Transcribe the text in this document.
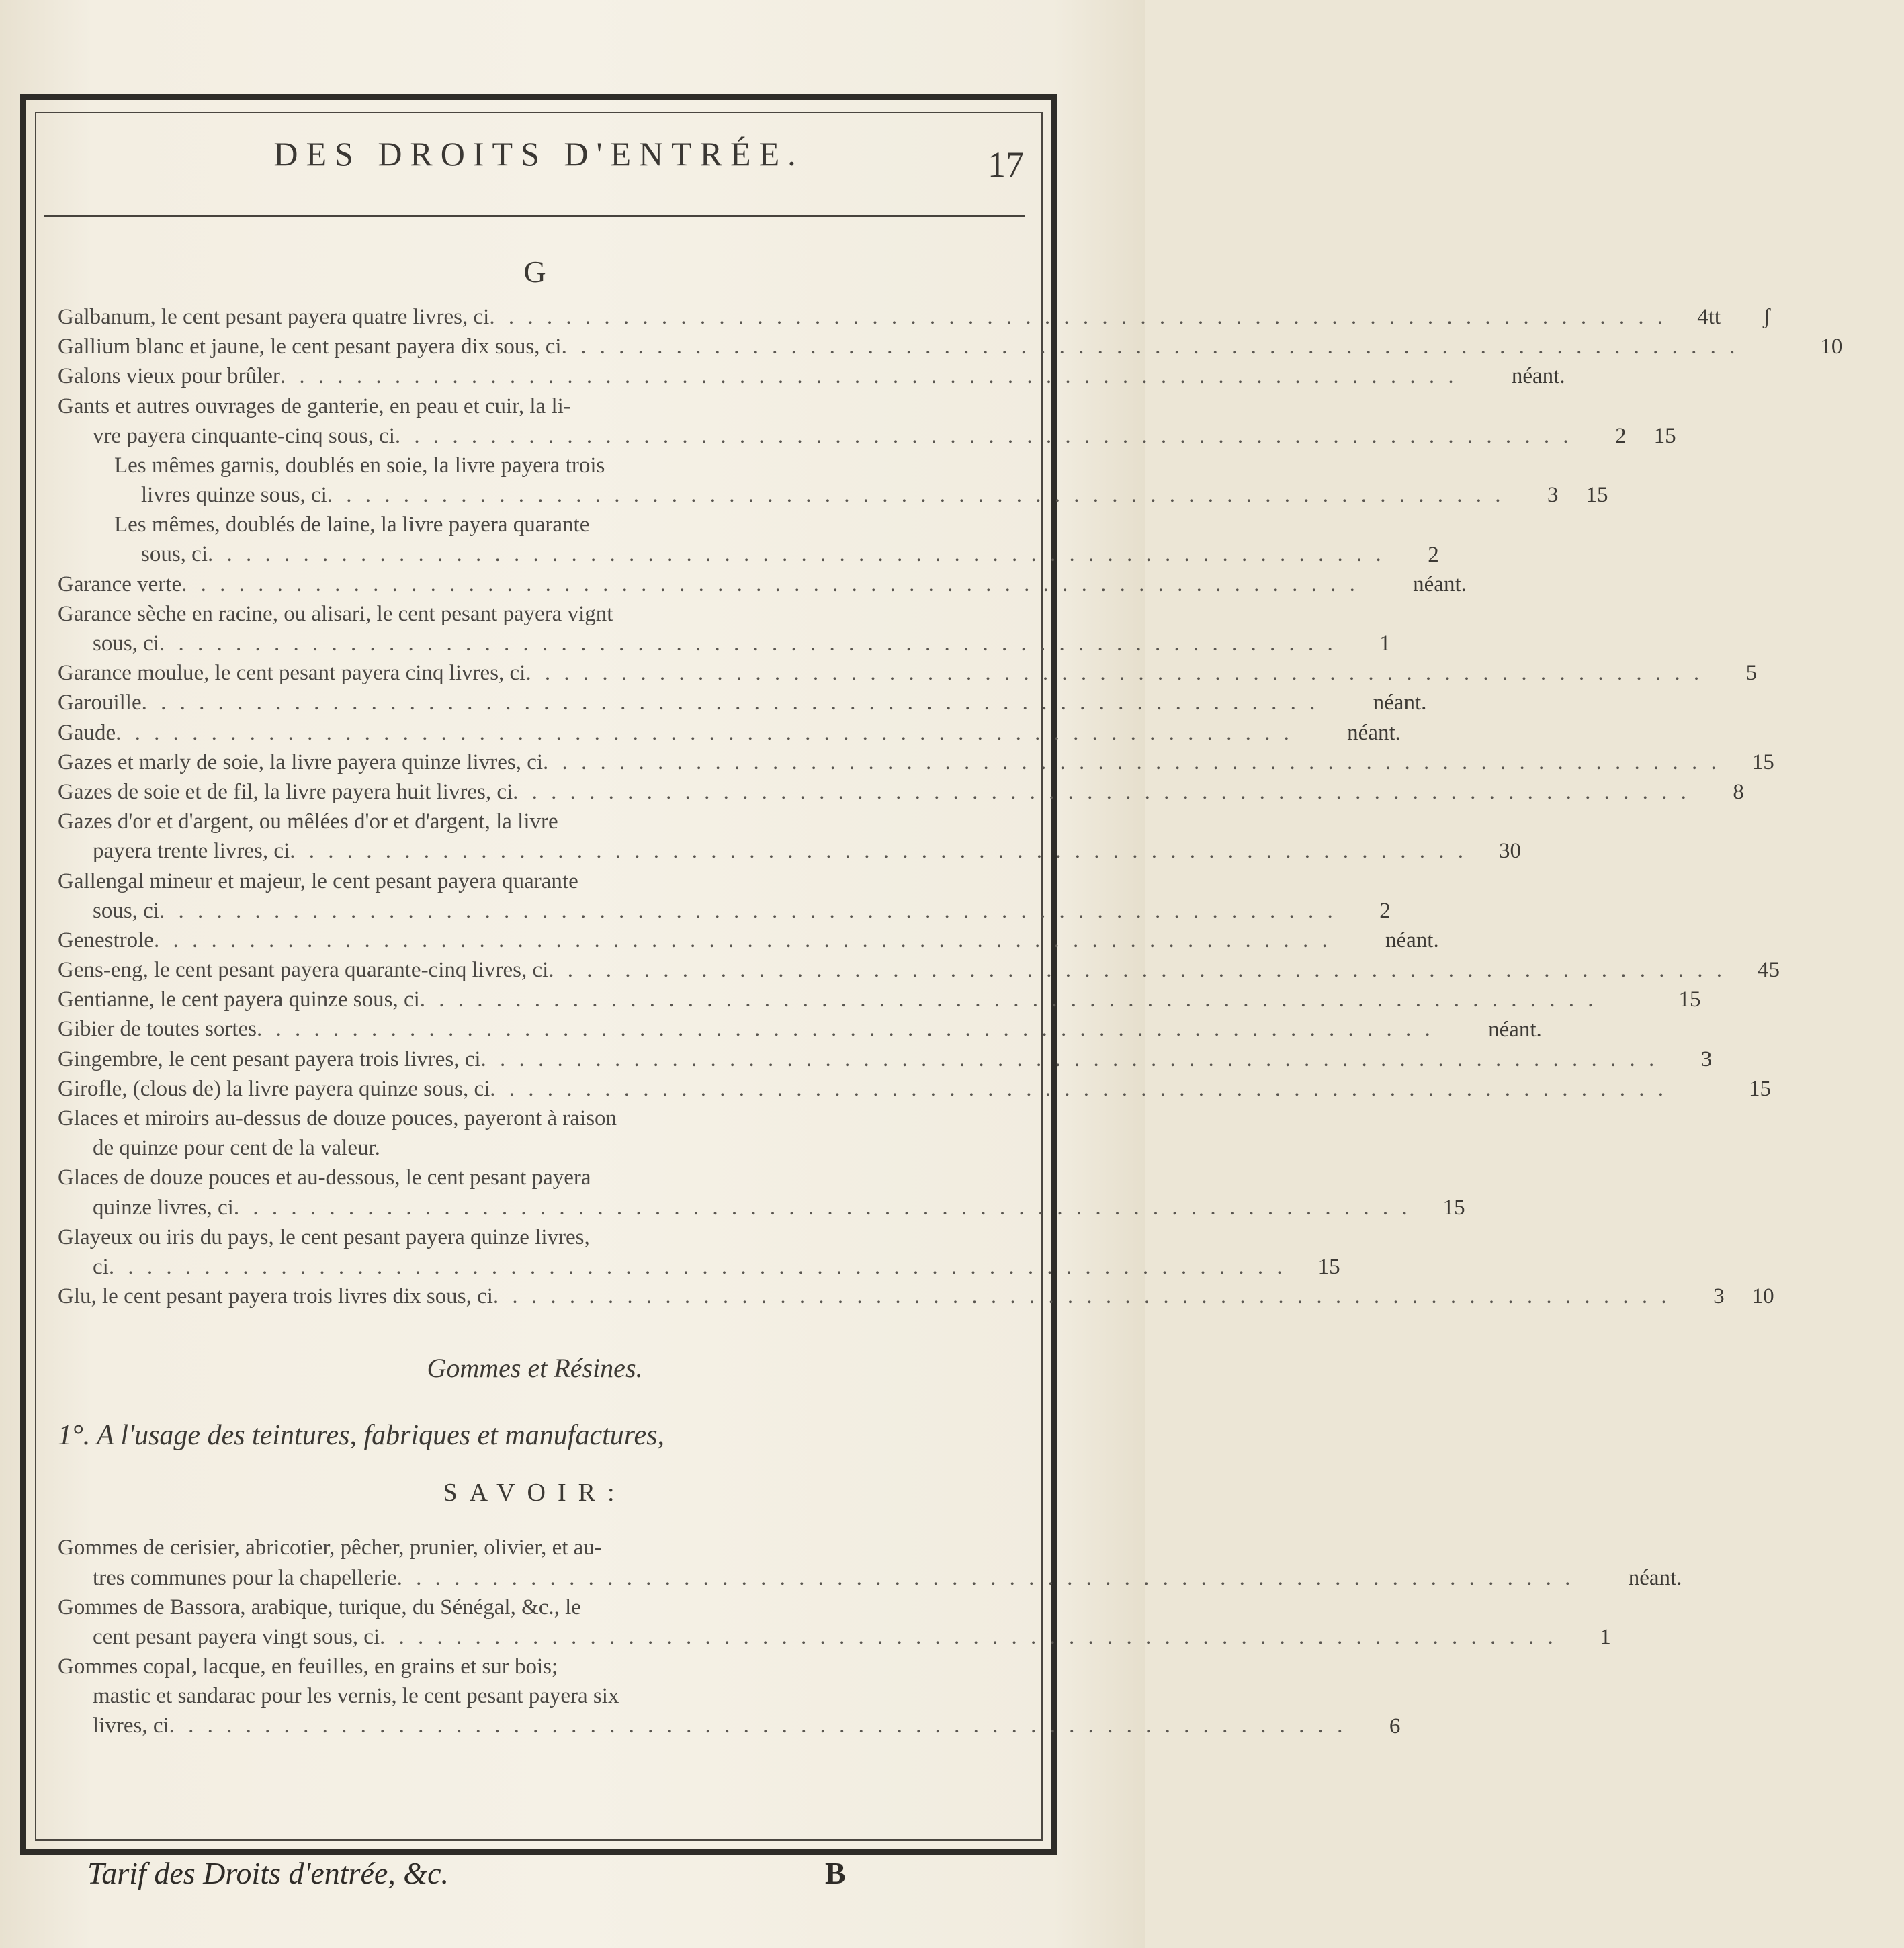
DES DROITS D'ENTRÉE.	17
G
Galbanum, le cent pesant payera quatre livres, ci . . .	4tt ʃ
Gallium blanc et jaune, le cent pesant payera dix sous, ci . . .	10
Galons vieux pour brûler . . .	néant.
Gants et autres ouvrages de ganterie, en peau et cuir, la li-
vre payera cinquante-cinq sous, ci . . .	2 15
Les mêmes garnis, doublés en soie, la livre payera trois
livres quinze sous, ci . . .	3 15
Les mêmes, doublés de laine, la livre payera quarante
sous, ci . . .	2
Garance verte . . .	néant.
Garance sèche en racine, ou alisari, le cent pesant payera vignt
sous, ci . . .	1
Garance moulue, le cent pesant payera cinq livres, ci . . .	5
Garouille . . .	néant.
Gaude . . .	néant.
Gazes et marly de soie, la livre payera quinze livres, ci . . .	15
Gazes de soie et de fil, la livre payera huit livres, ci . . .	8
Gazes d'or et d'argent, ou mêlées d'or et d'argent, la livre
payera trente livres, ci . . .	30
Gallengal mineur et majeur, le cent pesant payera quarante
sous, ci . . .	2
Genestrole . . .	néant.
Gens-eng, le cent pesant payera quarante-cinq livres, ci . . .	45
Gentianne, le cent payera quinze sous, ci . . .	15
Gibier de toutes sortes . . .	néant.
Gingembre, le cent pesant payera trois livres, ci . . .	3
Girofle, (clous de) la livre payera quinze sous, ci . . .	15
Glaces et miroirs au-dessus de douze pouces, payeront à raison
de quinze pour cent de la valeur.
Glaces de douze pouces et au-dessous, le cent pesant payera
quinze livres, ci . . .	15
Glayeux ou iris du pays, le cent pesant payera quinze livres,
ci . . .	15
Glu, le cent pesant payera trois livres dix sous, ci . . .	3 10
Gommes et Résines.
1°. A l'usage des teintures, fabriques et manufactures,
SAVOIR:
Gommes de cerisier, abricotier, pêcher, prunier, olivier, et au-
tres communes pour la chapellerie . . .	néant.
Gommes de Bassora, arabique, turique, du Sénégal, &c., le
cent pesant payera vingt sous, ci . . .	1
Gommes copal, lacque, en feuilles, en grains et sur bois;
mastic et sandarac pour les vernis, le cent pesant payera six
livres, ci . . .	6
Tarif des Droits d'entrée, &c.	B
